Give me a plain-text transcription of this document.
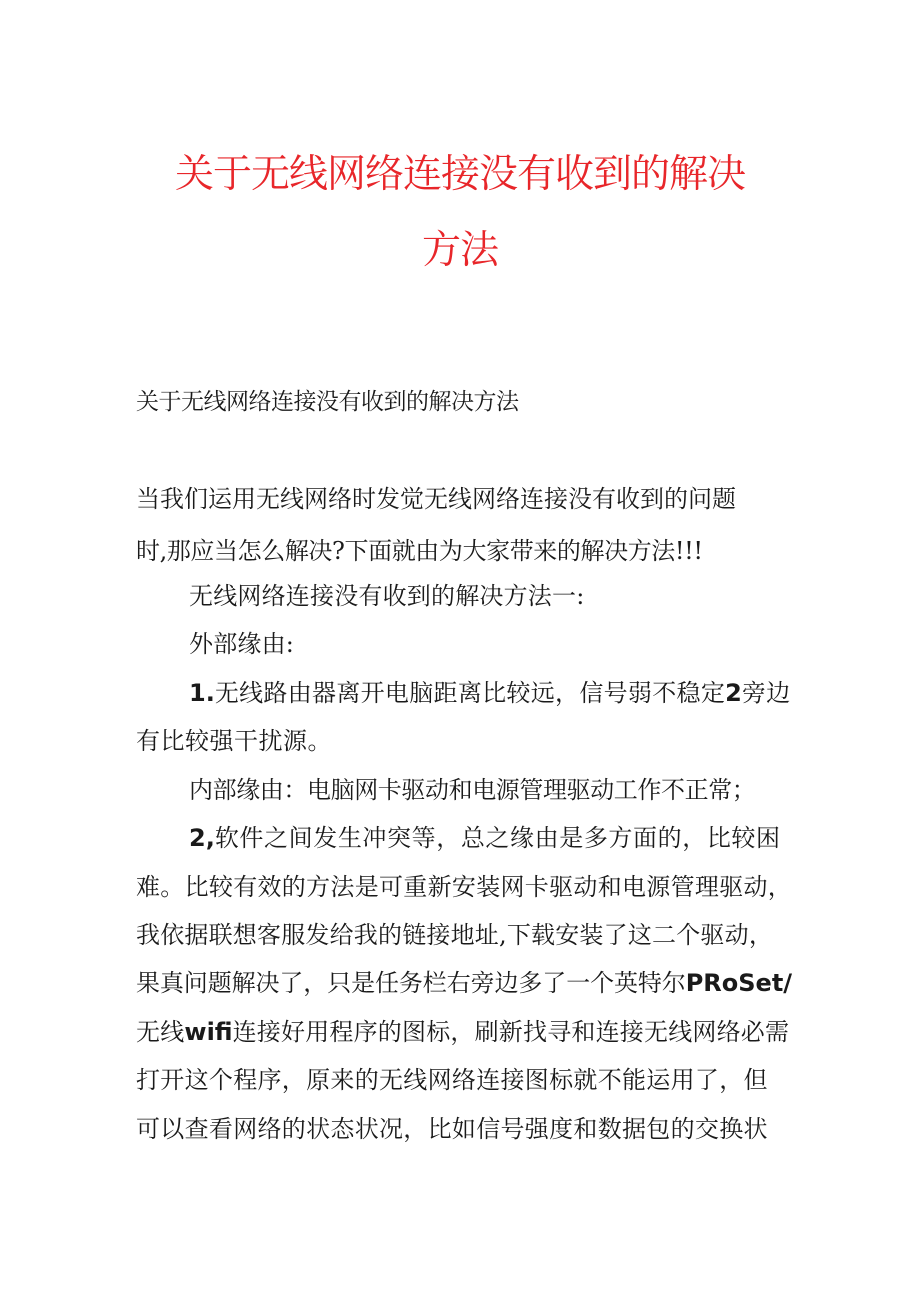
关于无线网络连接没有收到的解决
方法
关于无线网络连接没有收到的解决方法
当我们运用无线网络时发觉无线网络连接没有收到的问题
时,那应当怎么解决?下面就由为大家带来的解决方法!!!
无线网络连接没有收到的解决方法一:
外部缘由:
1.无线路由器离开电脑距离比较远，信号弱不稳定2旁边
有比较强干扰源。
内部缘由：电脑网卡驱动和电源管理驱动工作不正常；
2,软件之间发生冲突等，总之缘由是多方面的，比较困
难。比较有效的方法是可重新安装网卡驱动和电源管理驱动，
我依据联想客服发给我的链接地址,下载安装了这二个驱动，
果真问题解决了，只是任务栏右旁边多了一个英特尔PRoSet/
无线wifi连接好用程序的图标，刷新找寻和连接无线网络必需
打开这个程序，原来的无线网络连接图标就不能运用了，但
可以查看网络的状态状况，比如信号强度和数据包的交换状
